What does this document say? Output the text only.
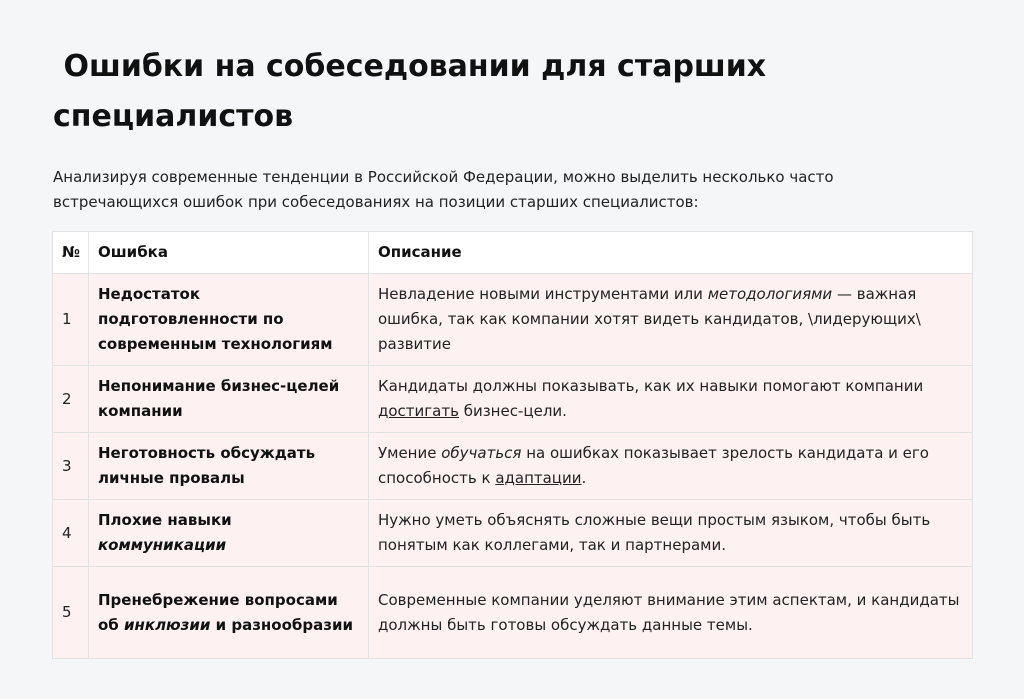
Ошибки на собеседовании для старших специалистов

Анализируя современные тенденции в Российской Федерации, можно выделить несколько часто встречающихся ошибок при собеседованиях на позиции старших специалистов:

№	Ошибка	Описание
1	Недостаток подготовленности по современным технологиям	Невладение новыми инструментами или методологиями — важная ошибка, так как компании хотят видеть кандидатов, \лидерующих\ развитие
2	Непонимание бизнес-целей компании	Кандидаты должны показывать, как их навыки помогают компании достигать бизнес-цели.
3	Неготовность обсуждать личные провалы	Умение обучаться на ошибках показывает зрелость кандидата и его способность к адаптации.
4	Плохие навыки коммуникации	Нужно уметь объяснять сложные вещи простым языком, чтобы быть понятым как коллегами, так и партнерами.
5	Пренебрежение вопросами об инклюзии и разнообразии	Современные компании уделяют внимание этим аспектам, и кандидаты должны быть готовы обсуждать данные темы.
